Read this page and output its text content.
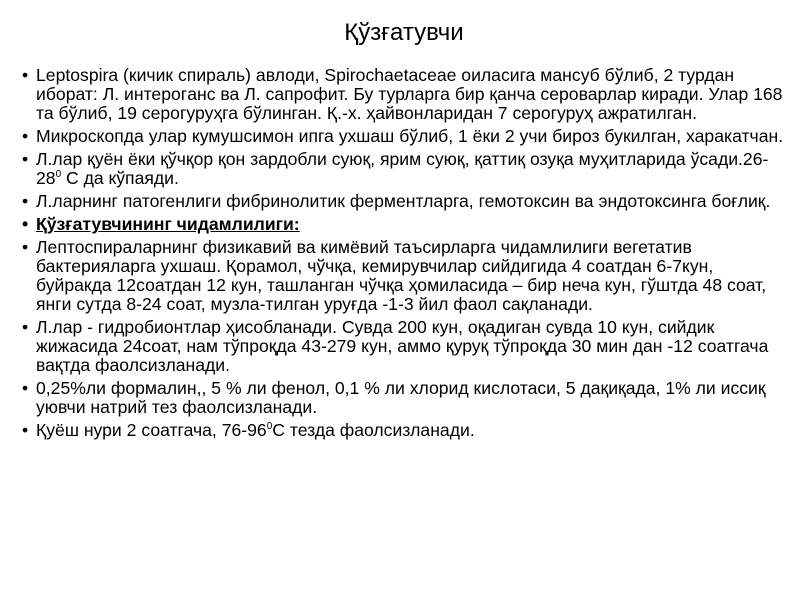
Қўзғатувчи
• Leptospira (кичик спираль) авлоди, Spirochaetaceae оиласига мансуб бўлиб, 2 турдан иборат: Л. интерогaнс ва Л. сапрофит. Бу турларга бир қанча сероварлар киради. Улар 168 та бўлиб, 19 серогуруҳга бўлинган. Қ.-х. ҳайвонларидан 7 серогуруҳ ажратилган.
• Микроскопда улар кумушсимон ипга ухшаш бўлиб, 1 ёки 2 учи бироз букилган, харакатчан.
• Л.лар қуён ёки қўчқор қон зардобли суюқ, ярим суюқ, қаттиқ озуқа муҳитларида $ўсади.26-28^0$ С да кўпаяди.
• Л.ларнинг патогенлиги фибринолитик ферментларга, гемотоксин ва эндотоксинга боғлиқ.
• Қўзғатувчининг чидамлилиги:
• Лептоспираларнинг физикавий ва кимёвий таъсирларга чидамлилиги вегетатив бактерияларга ухшаш. Қорамол, чўчқа, кемирувчилар сийдигида 4 соатдан 6-7кун, буйракда 12соатдан 12 кун, ташланган чўчқа ҳомиласида – бир неча кун, гўштда 48 соат, янги сутда 8-24 соат, музла-тилган уруғда -1-3 йил фаол сақланади.
• Л.лар - гидробионтлар ҳисобланади. Сувда 200 кун, оқадиган сувда 10 кун, сийдик жижасида 24соат, нам тўпроқда 43-279 кун, аммо қуруқ тўпроқда 30 мин дан -12 соатгача вақтда фаолсизланади.
• 0,25%ли формалин,, 5 % ли фенол, 0,1 % ли хлорид кислотаси, 5 дақиқада, 1% ли иссиқ уювчи натрий тез фаолсизланади.
• Қуёш нури 2 соатгача, $76-96^0С$ тезда фаолсизланади.
